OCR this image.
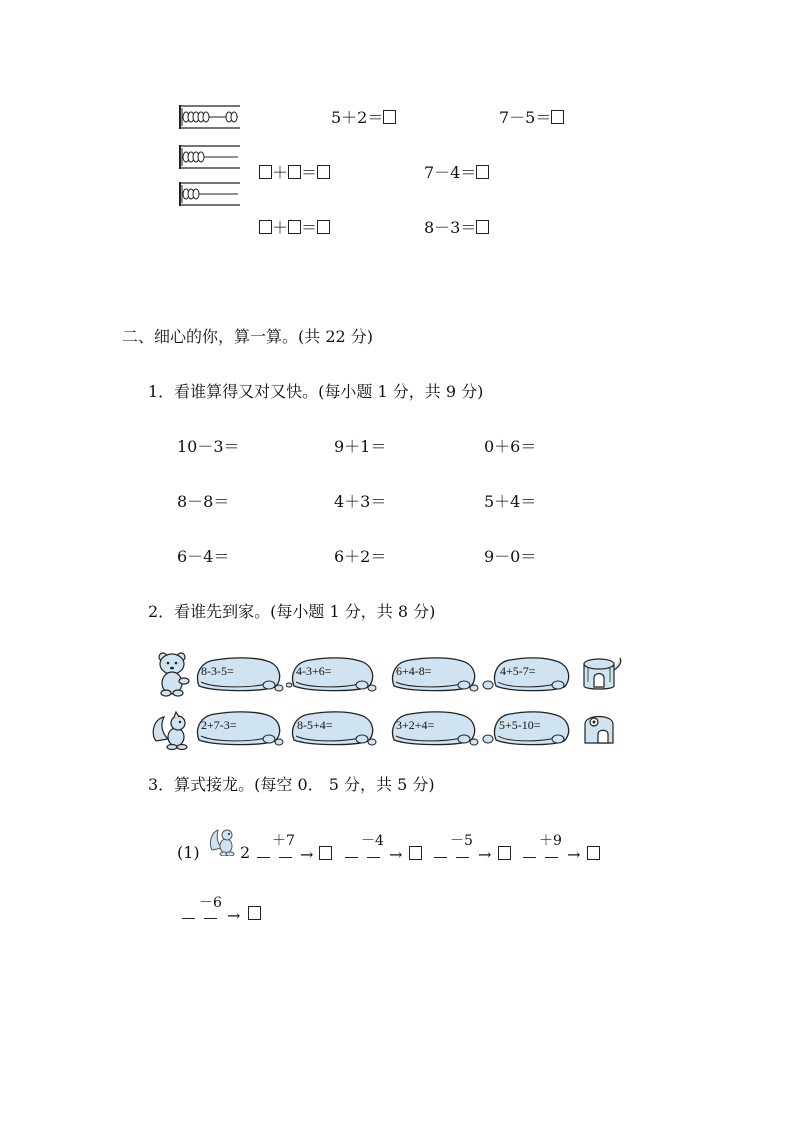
5＋2＝	7－5＝
＋ ＝	7－4＝
＋ ＝	8－3＝
二、细心的你，算一算。(共 22 分)
1．看谁算得又对又快。(每小题 1 分，共 9 分)
10－3＝	9＋1＝	0＋6＝
8－8＝	4＋3＝	5＋4＝
6－4＝	6＋2＝	9－0＝
2．看谁先到家。(每小题 1 分，共 8 分)
8-3-5=	4-3+6=	6+4-8=	4+5-7=
2+7-3=	8-5+4=	3+2+4=	5+5-10=
3．算式接龙。(每空 0． 5 分，共 5 分)
(1)	2
＋7
→
－4
→
－5
→
＋9
→
－6
→
